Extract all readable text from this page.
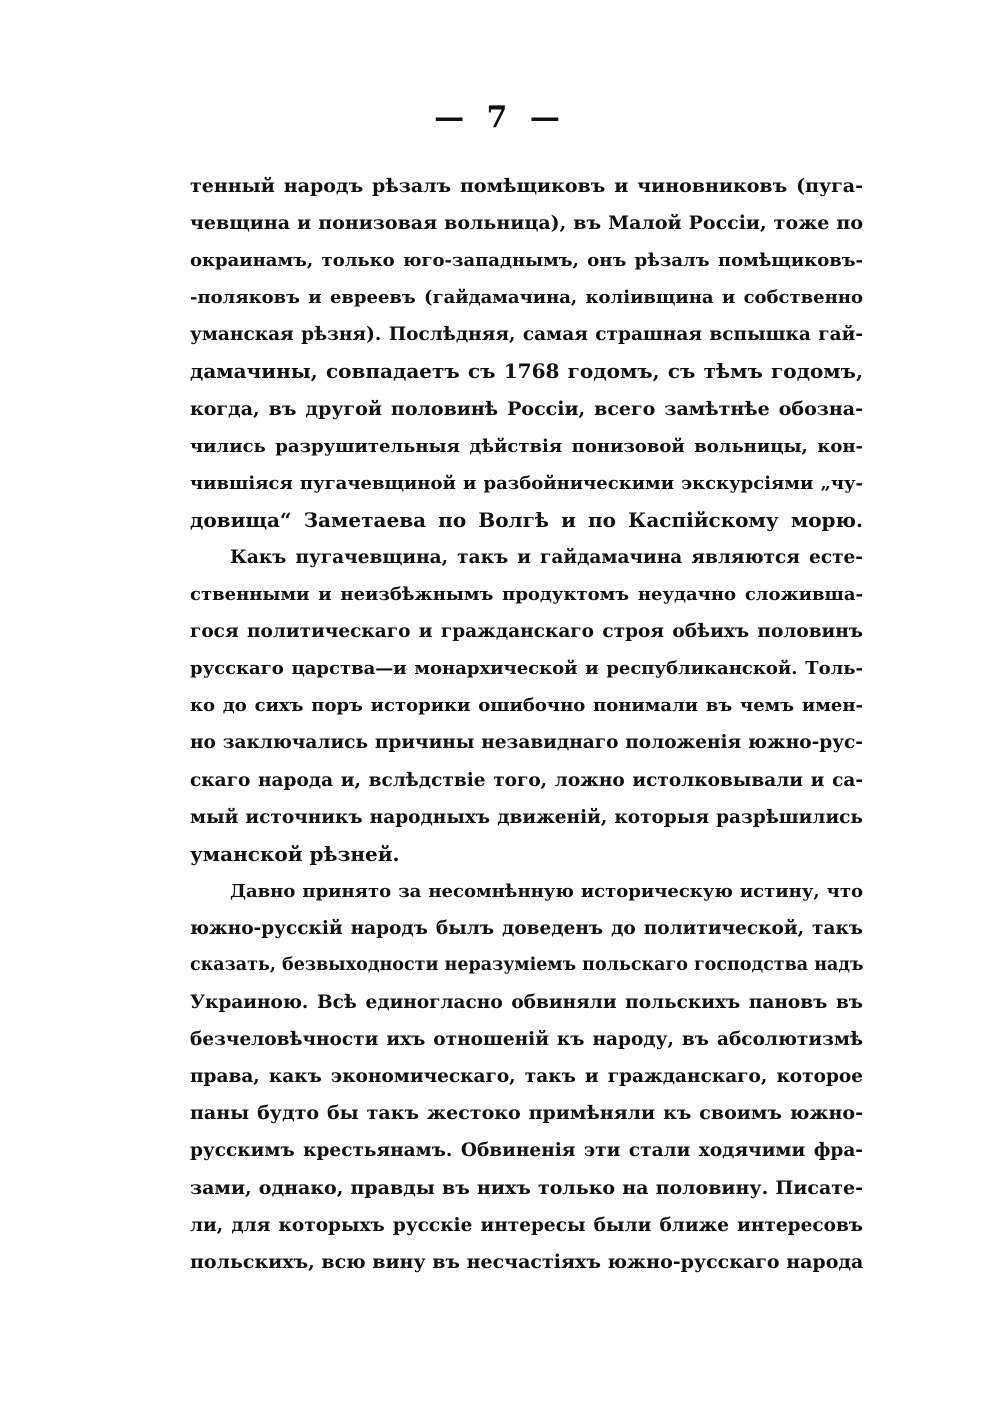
— 7 —
тенный народъ рѣзалъ помѣщиковъ и чиновниковъ (пуга-
чевщина и понизовая вольница), въ Малой Россіи, тоже по
окраинамъ, только юго-западнымъ, онъ рѣзалъ помѣщиковъ-
-поляковъ и евреевъ (гайдамачина, коліивщина и собственно
уманская рѣзня). Послѣдняя, самая страшная вспышка гай-
дамачины, совпадаетъ съ 1768 годомъ, съ тѣмъ годомъ,
когда, въ другой половинѣ Россіи, всего замѣтнѣе обозна-
чились разрушительныя дѣйствія понизовой вольницы, кон-
чившіяся пугачевщиной и разбойническими экскурсіями „чу-
довища“ Заметаева по Волгѣ и по Каспійскому морю.
Какъ пугачевщина, такъ и гайдамачина являются есте-
ственными и неизбѣжнымъ продуктомъ неудачно сложивша-
гося политическаго и гражданскаго строя обѣихъ половинъ
русскаго царства—и монархической и республиканской. Толь-
ко до сихъ поръ историки ошибочно понимали въ чемъ имен-
но заключались причины незавиднаго положенія южно-рус-
скаго народа и, вслѣдствіе того, ложно истолковывали и са-
мый источникъ народныхъ движеній, которыя разрѣшились
уманской рѣзней.
Давно принято за несомнѣнную историческую истину, что
южно-русскій народъ былъ доведенъ до политической, такъ
сказать, безвыходности неразуміемъ польскаго господства надъ
Украиною. Всѣ единогласно обвиняли польскихъ пановъ въ
безчеловѣчности ихъ отношеній къ народу, въ абсолютизмѣ
права, какъ экономическаго, такъ и гражданскаго, которое
паны будто бы такъ жестоко примѣняли къ своимъ южно-
русскимъ крестьянамъ. Обвиненія эти стали ходячими фра-
зами, однако, правды въ нихъ только на половину. Писате-
ли, для которыхъ русскіе интересы были ближе интересовъ
польскихъ, всю вину въ несчастіяхъ южно-русскаго народа
